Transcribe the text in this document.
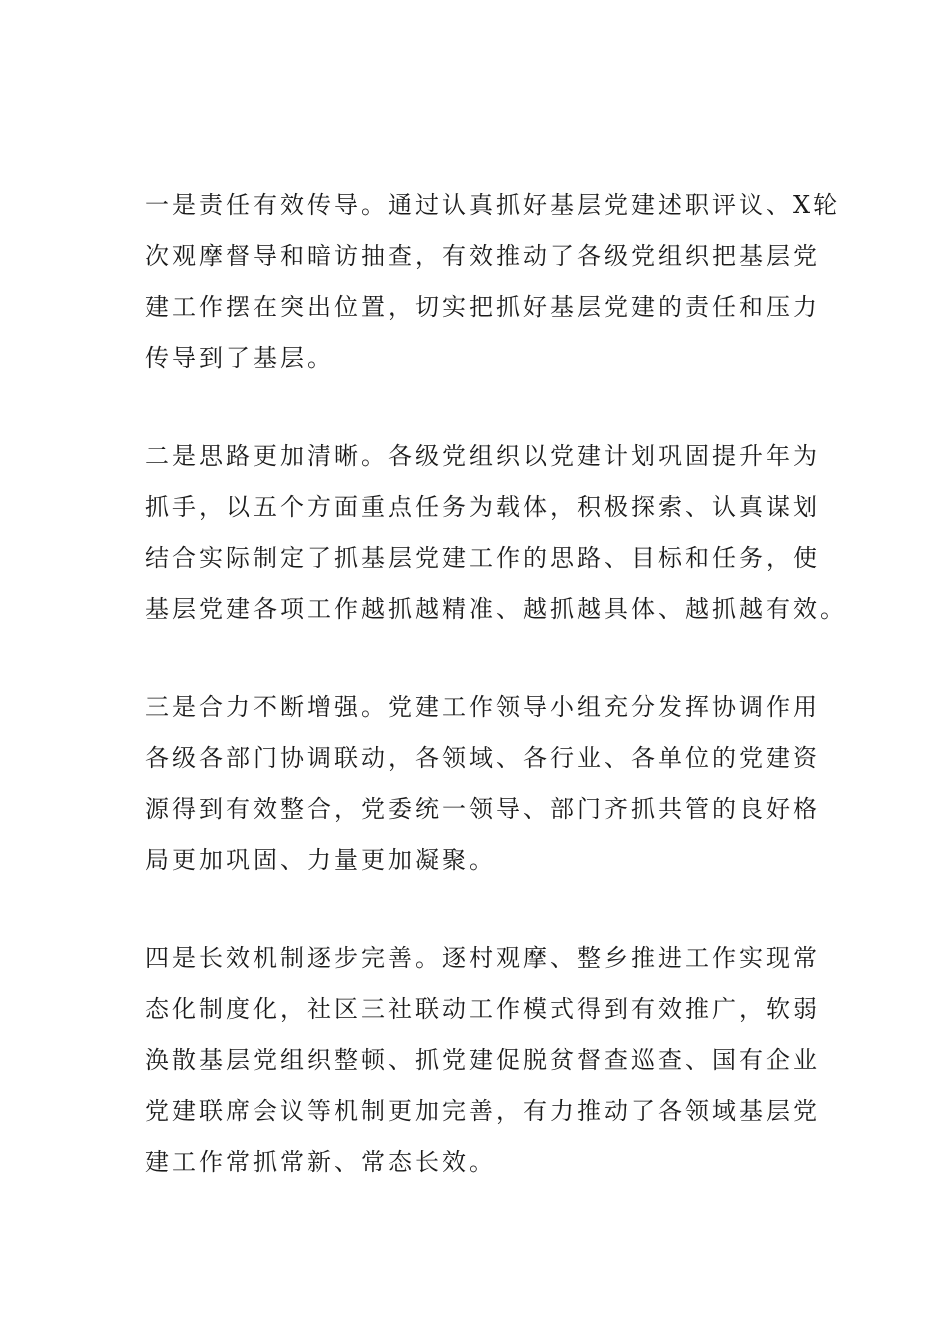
一是责任有效传导。通过认真抓好基层党建述职评议、X轮
次观摩督导和暗访抽查，有效推动了各级党组织把基层党
建工作摆在突出位置，切实把抓好基层党建的责任和压力
传导到了基层。
二是思路更加清晰。各级党组织以党建计划巩固提升年为
抓手，以五个方面重点任务为载体，积极探索、认真谋划
结合实际制定了抓基层党建工作的思路、目标和任务，使
基层党建各项工作越抓越精准、越抓越具体、越抓越有效。
三是合力不断增强。党建工作领导小组充分发挥协调作用
各级各部门协调联动，各领域、各行业、各单位的党建资
源得到有效整合，党委统一领导、部门齐抓共管的良好格
局更加巩固、力量更加凝聚。
四是长效机制逐步完善。逐村观摩、整乡推进工作实现常
态化制度化，社区三社联动工作模式得到有效推广，软弱
涣散基层党组织整顿、抓党建促脱贫督查巡查、国有企业
党建联席会议等机制更加完善，有力推动了各领域基层党
建工作常抓常新、常态长效。
